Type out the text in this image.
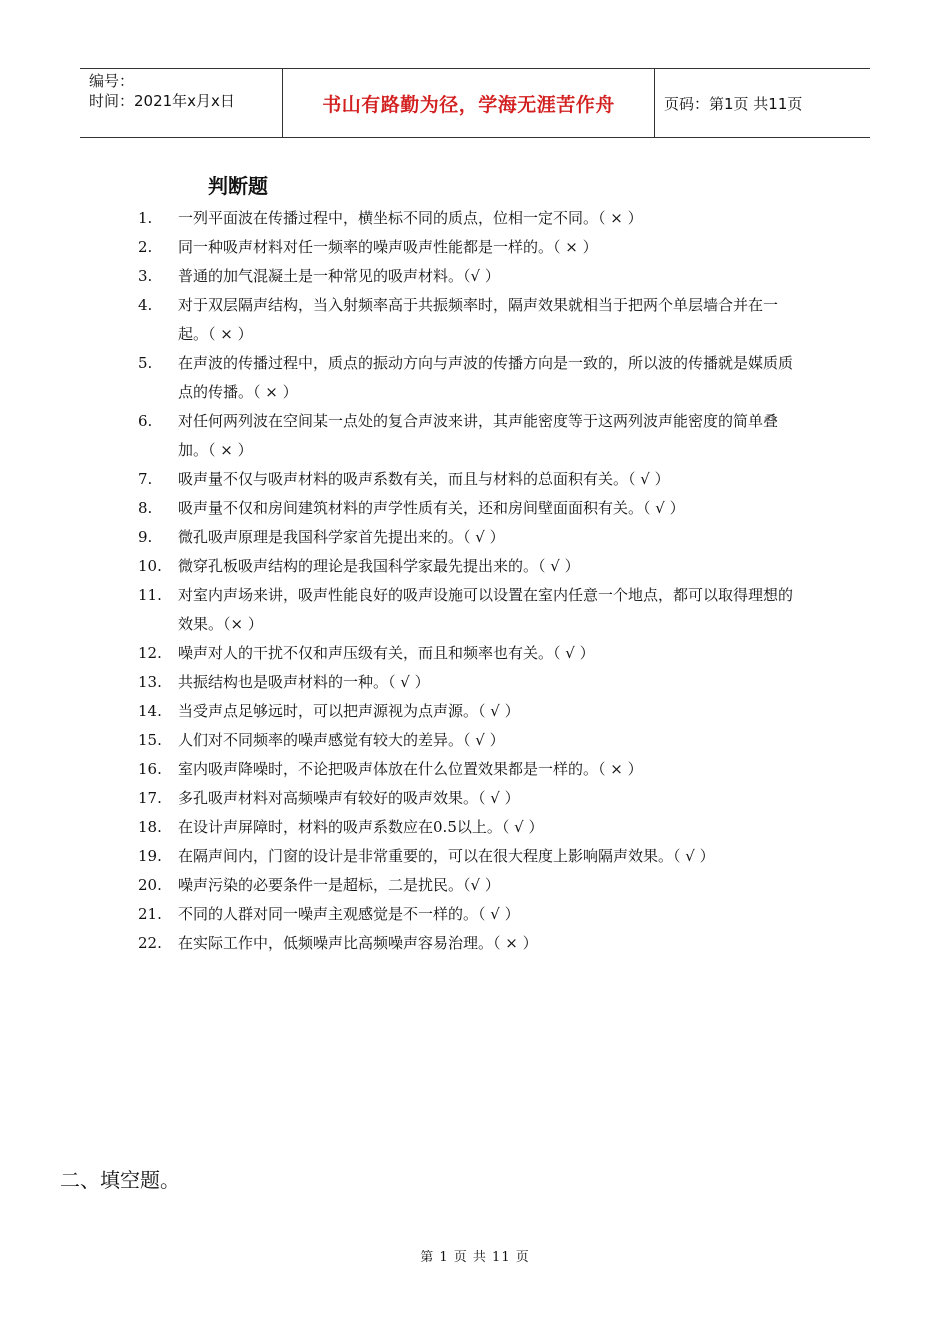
编号：
时间：2021年x月x日	书山有路勤为径，学海无涯苦作舟	页码：第1页 共11页
判断题
1.	一列平面波在传播过程中，横坐标不同的质点，位相一定不同。（ × ）
2.	同一种吸声材料对任一频率的噪声吸声性能都是一样的。（ × ）
3.	普通的加气混凝土是一种常见的吸声材料。（√ ）
4.	对于双层隔声结构，当入射频率高于共振频率时，隔声效果就相当于把两个单层墙合并在一起。（ × ）
5.	在声波的传播过程中，质点的振动方向与声波的传播方向是一致的，所以波的传播就是媒质质点的传播。（ × ）
6.	对任何两列波在空间某一点处的复合声波来讲，其声能密度等于这两列波声能密度的简单叠加。（ × ）
7.	吸声量不仅与吸声材料的吸声系数有关，而且与材料的总面积有关。（ √ ）
8.	吸声量不仅和房间建筑材料的声学性质有关，还和房间壁面面积有关。（ √ ）
9.	微孔吸声原理是我国科学家首先提出来的。（ √ ）
10.	微穿孔板吸声结构的理论是我国科学家最先提出来的。（ √ ）
11.	对室内声场来讲，吸声性能良好的吸声设施可以设置在室内任意一个地点，都可以取得理想的效果。（× ）
12.	噪声对人的干扰不仅和声压级有关，而且和频率也有关。（ √ ）
13.	共振结构也是吸声材料的一种。（ √ ）
14.	当受声点足够远时，可以把声源视为点声源。（ √ ）
15.	人们对不同频率的噪声感觉有较大的差异。（ √ ）
16.	室内吸声降噪时，不论把吸声体放在什么位置效果都是一样的。（ × ）
17.	多孔吸声材料对高频噪声有较好的吸声效果。（ √ ）
18.	在设计声屏障时，材料的吸声系数应在0.5以上。（ √ ）
19.	在隔声间内，门窗的设计是非常重要的，可以在很大程度上影响隔声效果。（ √ ）
20.	噪声污染的必要条件一是超标，二是扰民。（√ ）
21.	不同的人群对同一噪声主观感觉是不一样的。（ √ ）
22.	在实际工作中，低频噪声比高频噪声容易治理。（ × ）
二、填空题。
第 1 页 共 11 页
